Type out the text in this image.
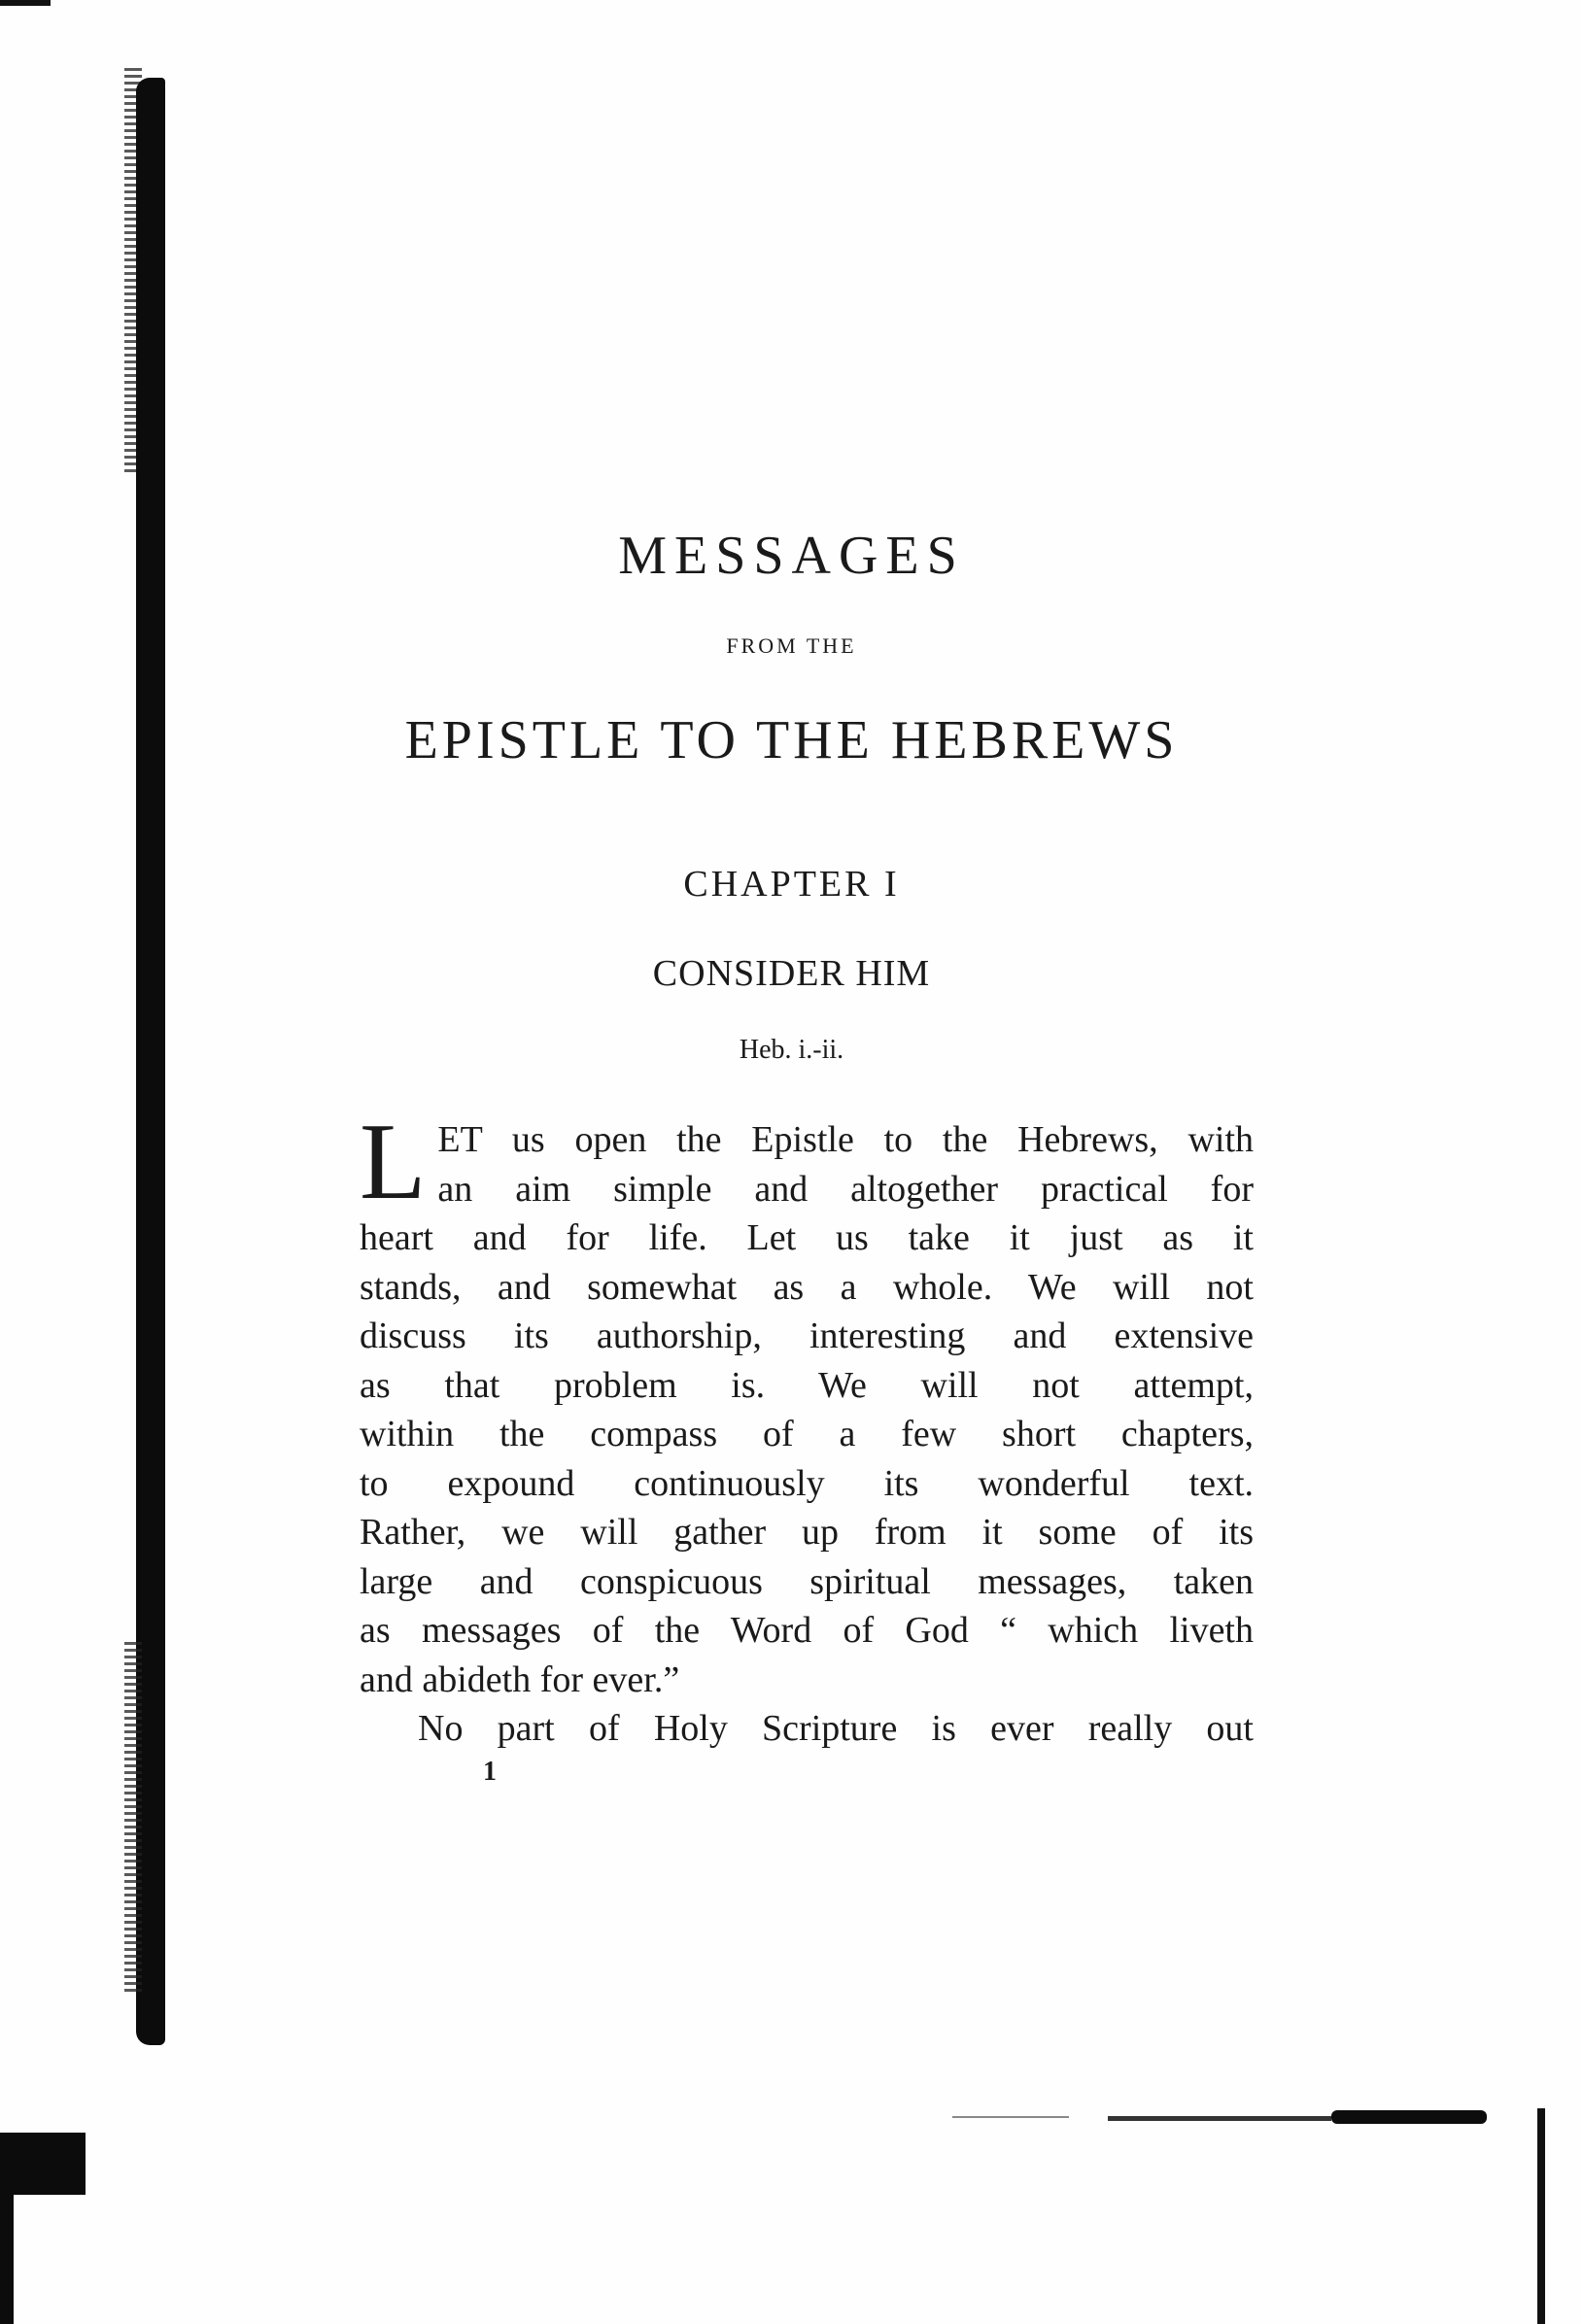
MESSAGES

FROM THE

EPISTLE TO THE HEBREWS
CHAPTER I
CONSIDER HIM

Heb. i.-ii.

L ET us open the Epistle to the Hebrews, with
an aim simple and altogether practical for
heart and for life. Let us take it just as it
stands, and somewhat as a whole. We will not
discuss its authorship, interesting and extensive
as that problem is. We will not attempt,
within the compass of a few short chapters,
to expound continuously its wonderful text.
Rather, we will gather up from it some of its
large and conspicuous spiritual messages, taken
as messages of the Word of God “ which liveth
and abideth for ever.”
No part of Holy Scripture is ever really out

1
